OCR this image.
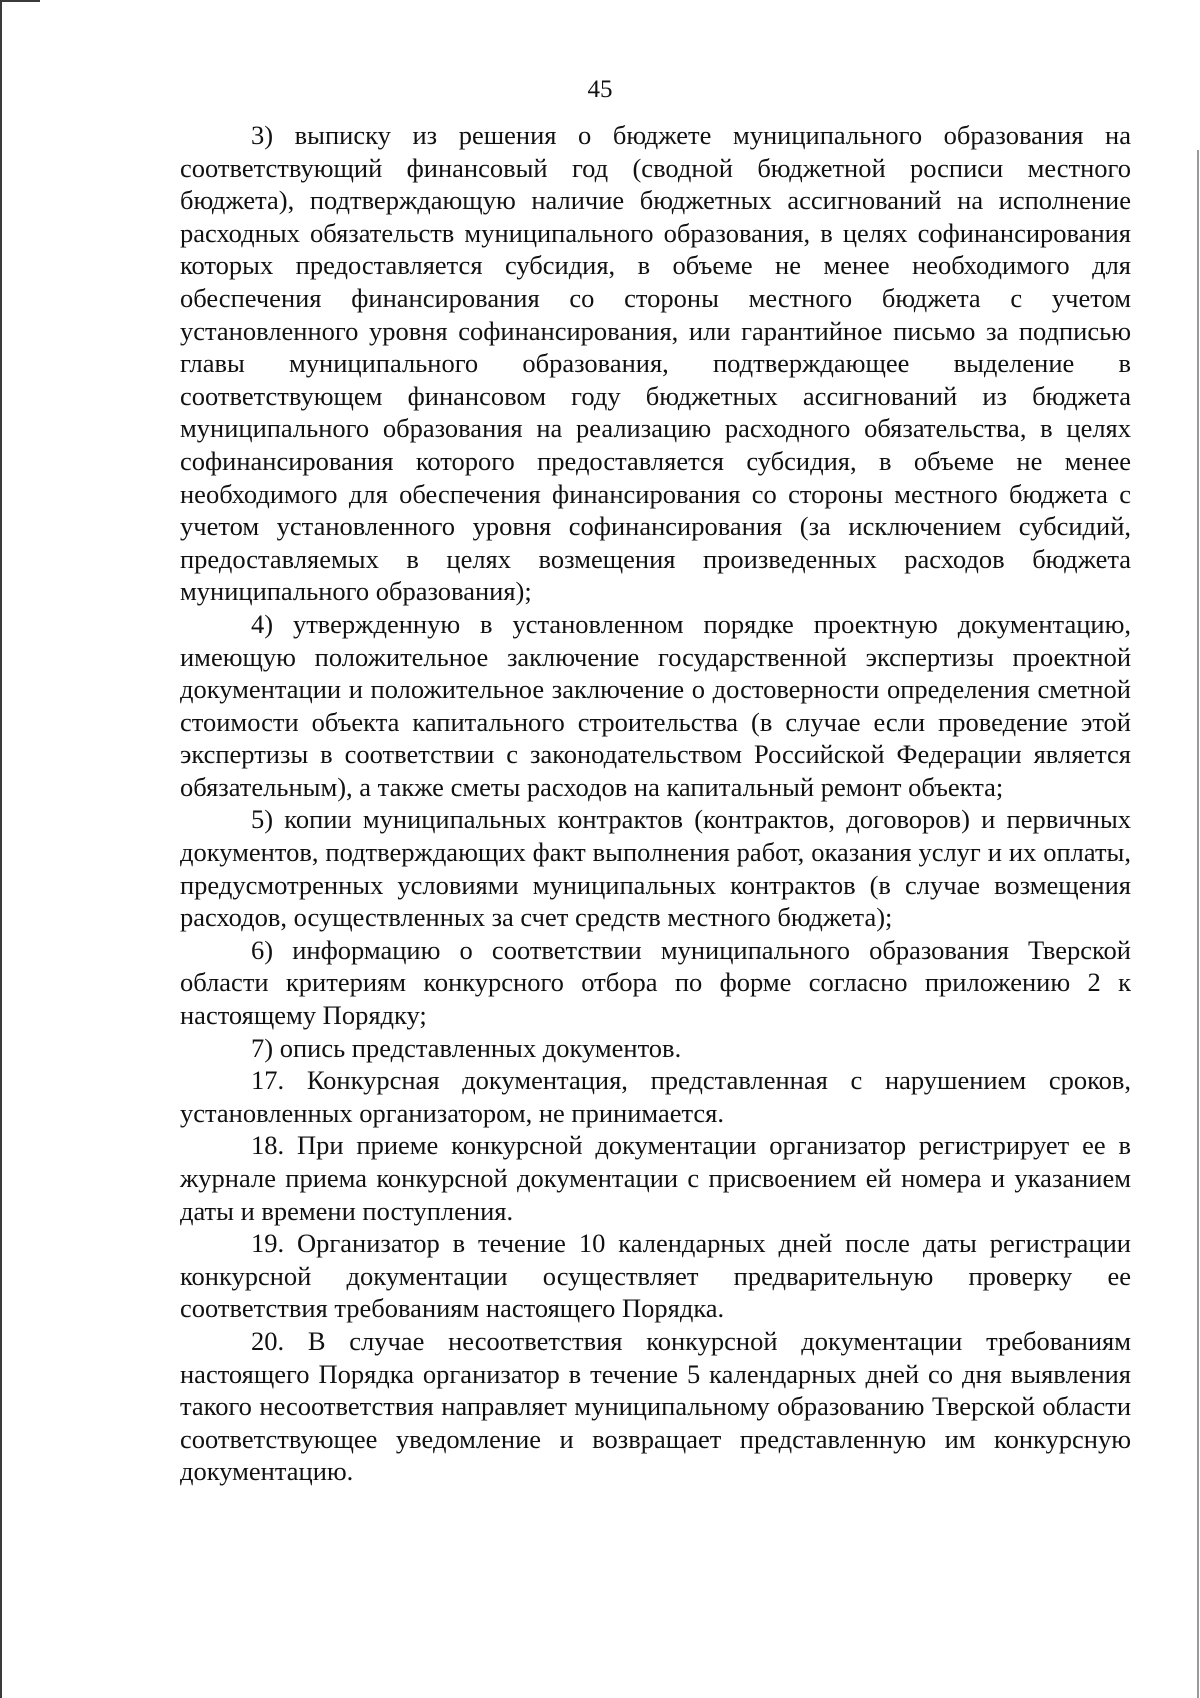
45

3) выписку из решения о бюджете муниципального образования на соответствующий финансовый год (сводной бюджетной росписи местного бюджета), подтверждающую наличие бюджетных ассигнований на исполнение расходных обязательств муниципального образования, в целях софинансирования которых предоставляется субсидия, в объеме не менее необходимого для обеспечения финансирования со стороны местного бюджета с учетом установленного уровня софинансирования, или гарантийное письмо за подписью главы муниципального образования, подтверждающее выделение в соответствующем финансовом году бюджетных ассигнований из бюджета муниципального образования на реализацию расходного обязательства, в целях софинансирования которого предоставляется субсидия, в объеме не менее необходимого для обеспечения финансирования со стороны местного бюджета с учетом установленного уровня софинансирования (за исключением субсидий, предоставляемых в целях возмещения произведенных расходов бюджета муниципального образования);

4) утвержденную в установленном порядке проектную документацию, имеющую положительное заключение государственной экспертизы проектной документации и положительное заключение о достоверности определения сметной стоимости объекта капитального строительства (в случае если проведение этой экспертизы в соответствии с законодательством Российской Федерации является обязательным), а также сметы расходов на капитальный ремонт объекта;

5) копии муниципальных контрактов (контрактов, договоров) и первичных документов, подтверждающих факт выполнения работ, оказания услуг и их оплаты, предусмотренных условиями муниципальных контрактов (в случае возмещения расходов, осуществленных за счет средств местного бюджета);

6) информацию о соответствии муниципального образования Тверской области критериям конкурсного отбора по форме согласно приложению 2 к настоящему Порядку;

7) опись представленных документов.

17. Конкурсная документация, представленная с нарушением сроков, установленных организатором, не принимается.

18. При приеме конкурсной документации организатор регистрирует ее в журнале приема конкурсной документации с присвоением ей номера и указанием даты и времени поступления.

19. Организатор в течение 10 календарных дней после даты регистрации конкурсной документации осуществляет предварительную проверку ее соответствия требованиям настоящего Порядка.

20. В случае несоответствия конкурсной документации требованиям настоящего Порядка организатор в течение 5 календарных дней со дня выявления такого несоответствия направляет муниципальному образованию Тверской области соответствующее уведомление и возвращает представленную им конкурсную документацию.
